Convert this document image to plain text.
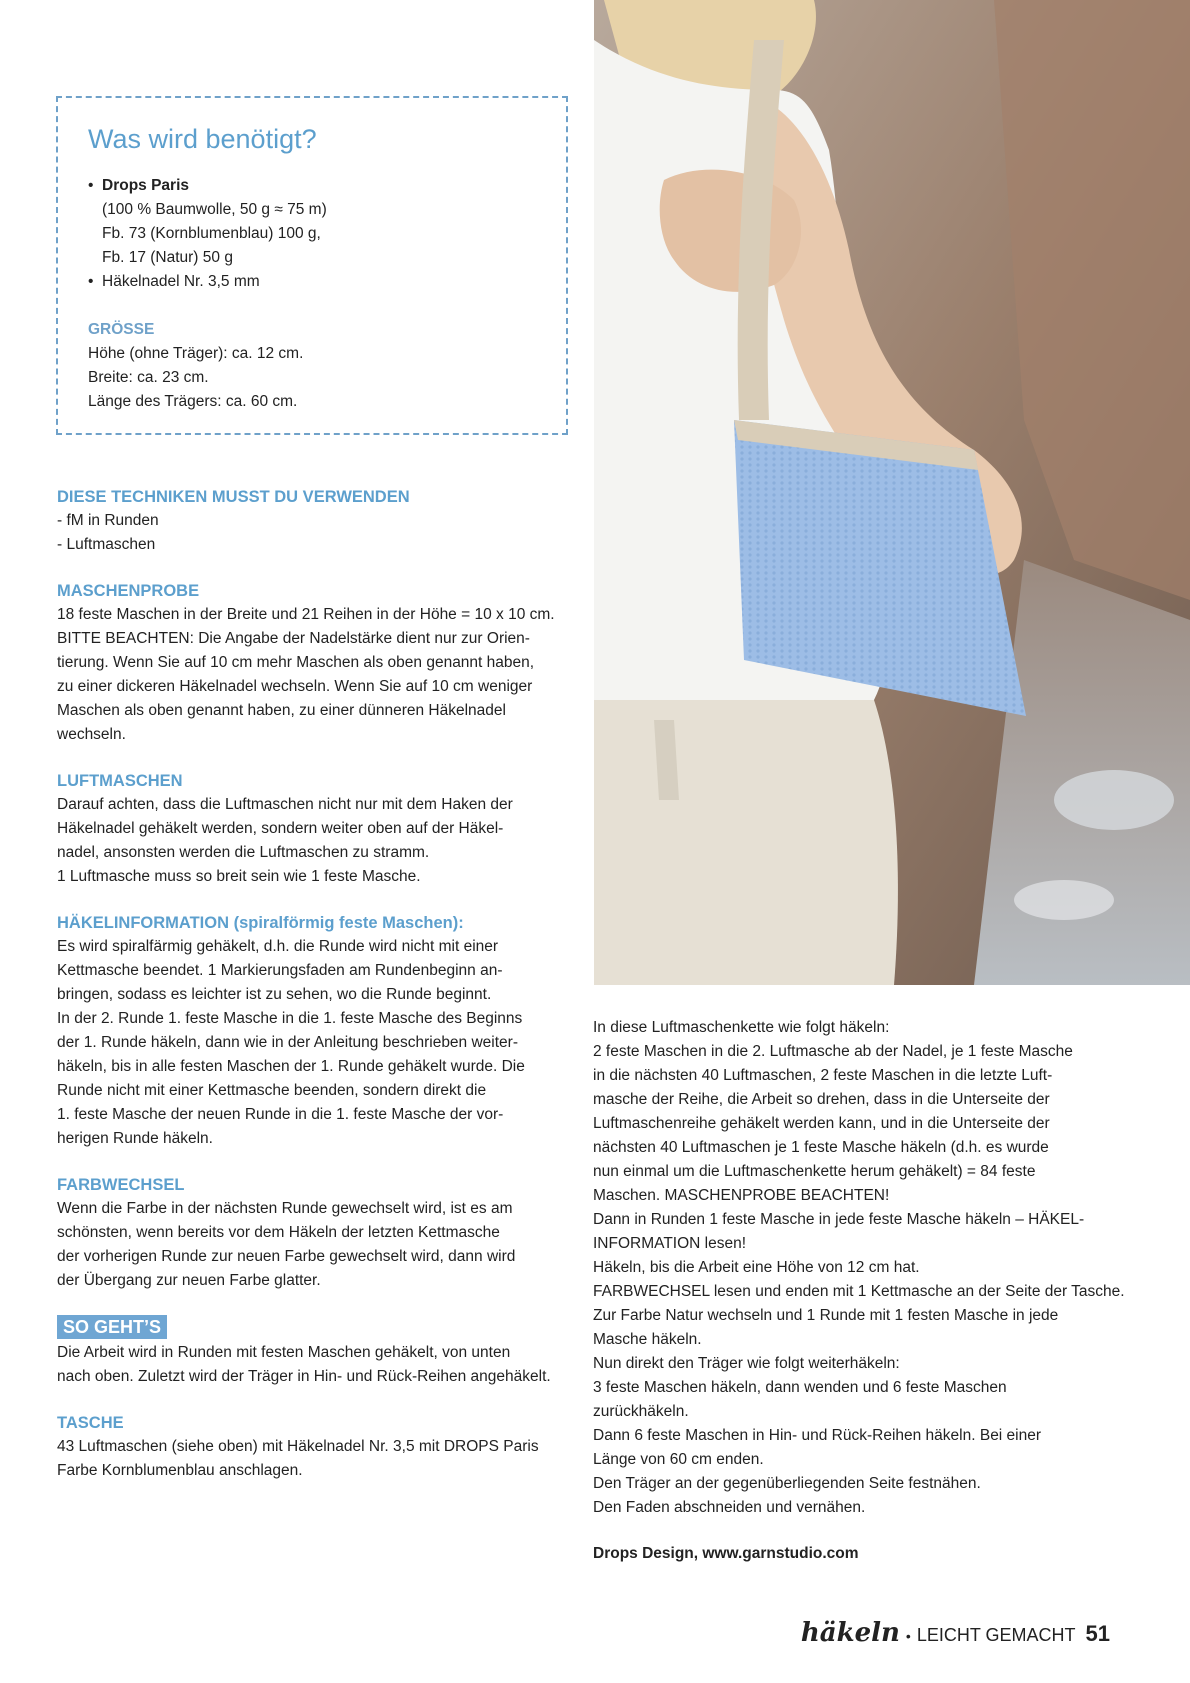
Was wird benötigt?
• Drops Paris
(100 % Baumwolle, 50 g ≈ 75 m)
Fb. 73 (Kornblumenblau) 100 g,
Fb. 17 (Natur) 50 g
• Häkelnadel Nr. 3,5 mm
GRÖSSE
Höhe (ohne Träger): ca. 12 cm.
Breite: ca. 23 cm.
Länge des Trägers: ca. 60 cm.
DIESE TECHNIKEN MUSST DU VERWENDEN
- fM in Runden
- Luftmaschen
MASCHENPROBE
18 feste Maschen in der Breite und 21 Reihen in der Höhe = 10 x 10 cm.
BITTE BEACHTEN: Die Angabe der Nadelstärke dient nur zur Orien-
tierung. Wenn Sie auf 10 cm mehr Maschen als oben genannt haben,
zu einer dickeren Häkelnadel wechseln. Wenn Sie auf 10 cm weniger
Maschen als oben genannt haben, zu einer dünneren Häkelnadel
wechseln.
LUFTMASCHEN
Darauf achten, dass die Luftmaschen nicht nur mit dem Haken der
Häkelnadel gehäkelt werden, sondern weiter oben auf der Häkel-
nadel, ansonsten werden die Luftmaschen zu stramm.
1 Luftmasche muss so breit sein wie 1 feste Masche.
HÄKELINFORMATION (spiralförmig feste Maschen):
Es wird spiralfärmig gehäkelt, d.h. die Runde wird nicht mit einer
Kettmasche beendet. 1 Markierungsfaden am Rundenbeginn an-
bringen, sodass es leichter ist zu sehen, wo die Runde beginnt.
In der 2. Runde 1. feste Masche in die 1. feste Masche des Beginns
der 1. Runde häkeln, dann wie in der Anleitung beschrieben weiter-
häkeln, bis in alle festen Maschen der 1. Runde gehäkelt wurde. Die
Runde nicht mit einer Kettmasche beenden, sondern direkt die
1. feste Masche der neuen Runde in die 1. feste Masche der vor-
herigen Runde häkeln.
FARBWECHSEL
Wenn die Farbe in der nächsten Runde gewechselt wird, ist es am
schönsten, wenn bereits vor dem Häkeln der letzten Kettmasche
der vorherigen Runde zur neuen Farbe gewechselt wird, dann wird
der Übergang zur neuen Farbe glatter.
SO GEHT’S
Die Arbeit wird in Runden mit festen Maschen gehäkelt, von unten
nach oben. Zuletzt wird der Träger in Hin- und Rück-Reihen angehäkelt.
TASCHE
43 Luftmaschen (siehe oben) mit Häkelnadel Nr. 3,5 mit DROPS Paris
Farbe Kornblumenblau anschlagen.
In diese Luftmaschenkette wie folgt häkeln:
2 feste Maschen in die 2. Luftmasche ab der Nadel, je 1 feste Masche
in die nächsten 40 Luftmaschen, 2 feste Maschen in die letzte Luft-
masche der Reihe, die Arbeit so drehen, dass in die Unterseite der
Luftmaschenreihe gehäkelt werden kann, und in die Unterseite der
nächsten 40 Luftmaschen je 1 feste Masche häkeln (d.h. es wurde
nun einmal um die Luftmaschenkette herum gehäkelt) = 84 feste
Maschen. MASCHENPROBE BEACHTEN!
Dann in Runden 1 feste Masche in jede feste Masche häkeln – HÄKEL-
INFORMATION lesen!
Häkeln, bis die Arbeit eine Höhe von 12 cm hat.
FARBWECHSEL lesen und enden mit 1 Kettmasche an der Seite der Tasche.
Zur Farbe Natur wechseln und 1 Runde mit 1 festen Masche in jede
Masche häkeln.
Nun direkt den Träger wie folgt weiterhäkeln:
3 feste Maschen häkeln, dann wenden und 6 feste Maschen
zurückhäkeln.
Dann 6 feste Maschen in Hin- und Rück-Reihen häkeln. Bei einer
Länge von 60 cm enden.
Den Träger an der gegenüberliegenden Seite festnähen.
Den Faden abschneiden und vernähen.
Drops Design, www.garnstudio.com
häkeln • LEICHT GEMACHT 51
